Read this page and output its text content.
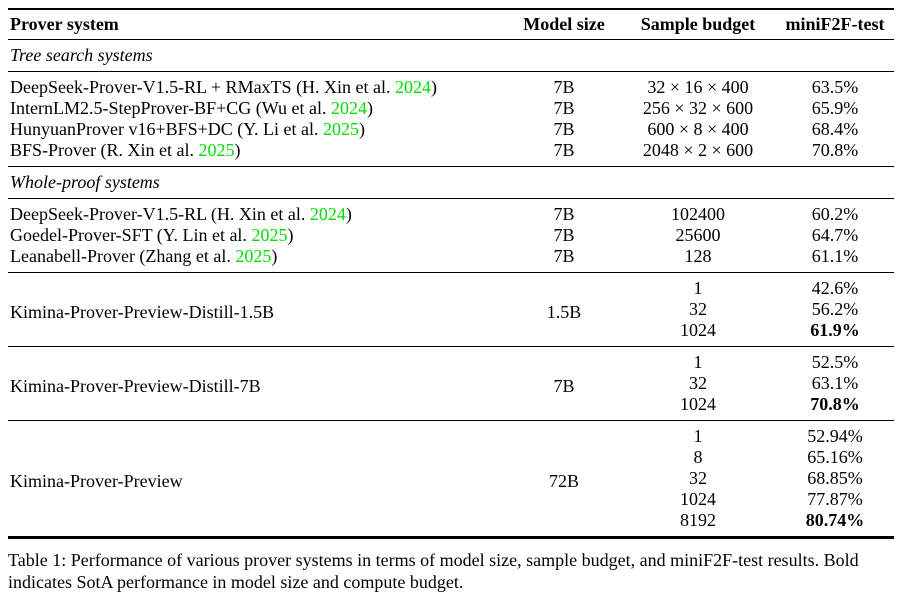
Prover system	Model size	Sample budget	miniF2F-test
Tree search systems			
DeepSeek-Prover-V1.5-RL + RMaxTS (H. Xin et al. 2024)	7B	32 × 16 × 400	63.5%
InternLM2.5-StepProver-BF+CG (Wu et al. 2024)	7B	256 × 32 × 600	65.9%
HunyuanProver v16+BFS+DC (Y. Li et al. 2025)	7B	600 × 8 × 400	68.4%
BFS-Prover (R. Xin et al. 2025)	7B	2048 × 2 × 600	70.8%
Whole-proof systems			
DeepSeek-Prover-V1.5-RL (H. Xin et al. 2024)	7B	102400	60.2%
Goedel-Prover-SFT (Y. Lin et al. 2025)	7B	25600	64.7%
Leanabell-Prover (Zhang et al. 2025)	7B	128	61.1%
Kimina-Prover-Preview-Distill-1.5B	1.5B	1	42.6%
		32	56.2%
		1024	61.9%
Kimina-Prover-Preview-Distill-7B	7B	1	52.5%
		32	63.1%
		1024	70.8%
Kimina-Prover-Preview	72B	1	52.94%
		8	65.16%
		32	68.85%
		1024	77.87%
		8192	80.74%

Table 1: Performance of various prover systems in terms of model size, sample budget, and miniF2F-test results. Bold indicates SotA performance in model size and compute budget.
